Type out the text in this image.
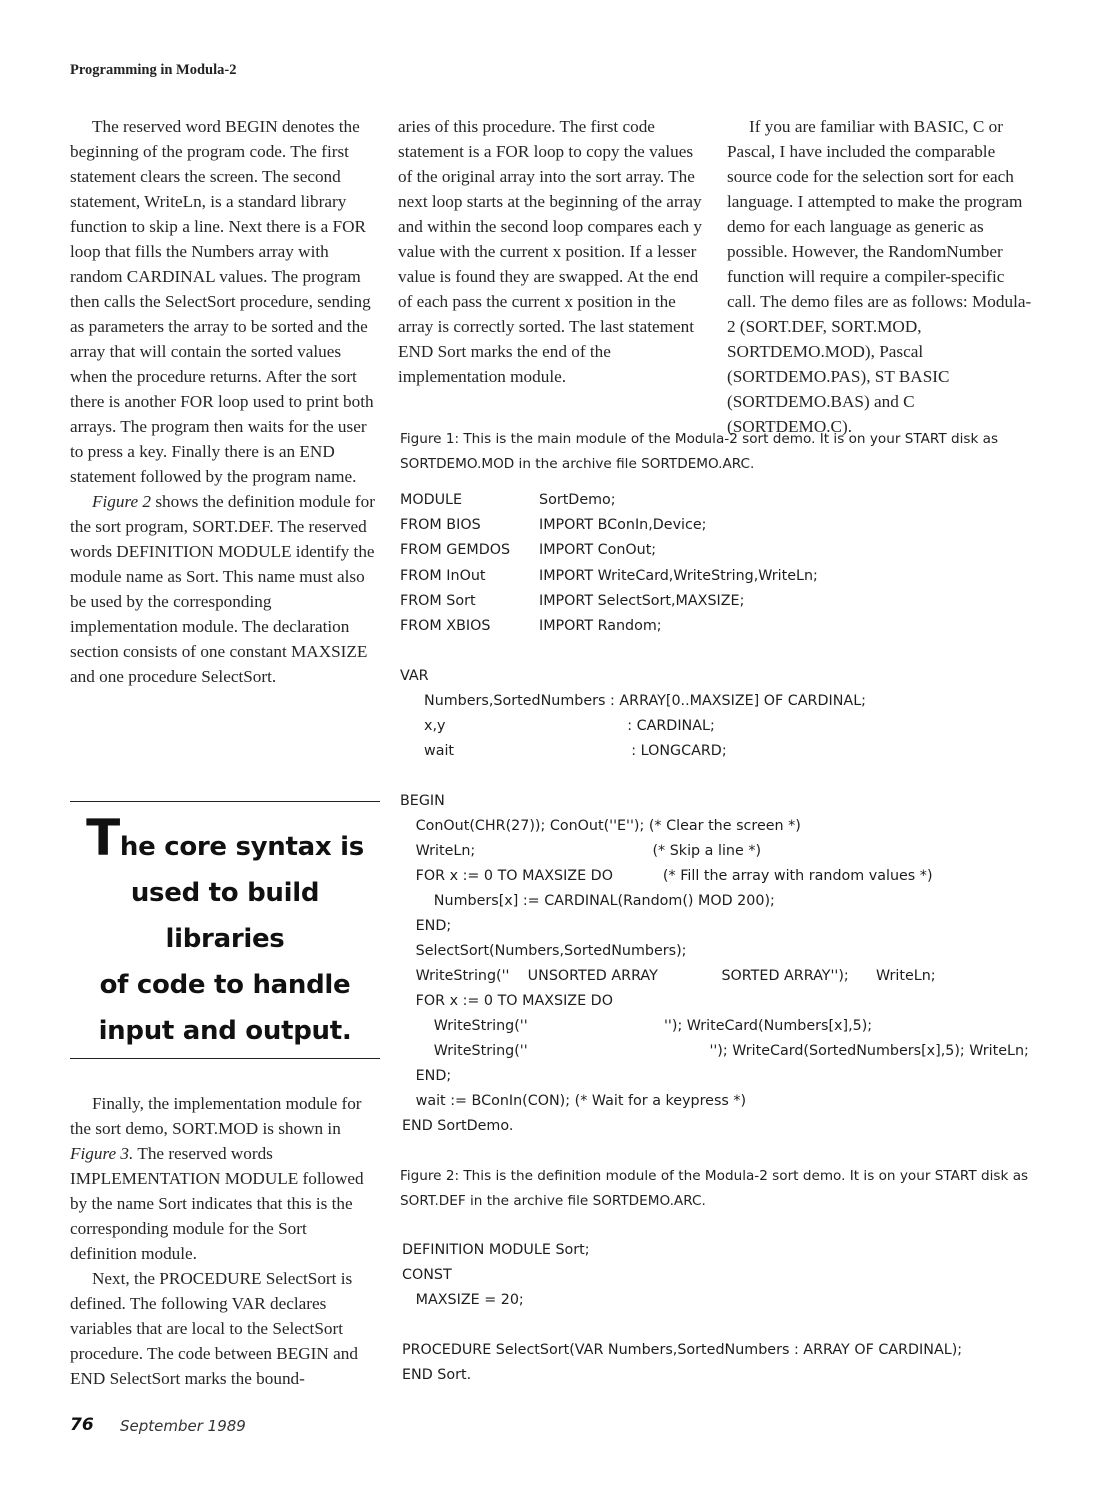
Programming in Modula-2

The reserved word BEGIN denotes the beginning of the program code. The first statement clears the screen. The second statement, WriteLn, is a standard library function to skip a line. Next there is a FOR loop that fills the Numbers array with random CARDINAL values. The program then calls the SelectSort procedure, sending as parameters the array to be sorted and the array that will contain the sorted values when the procedure returns. After the sort there is another FOR loop used to print both arrays. The program then waits for the user to press a key. Finally there is an END statement followed by the program name.

Figure 2 shows the definition module for the sort program, SORT.DEF. The reserved words DEFINITION MODULE identify the module name as Sort. This name must also be used by the corresponding implementation module. The declaration section consists of one constant MAXSIZE and one procedure SelectSort.

The core syntax is
used to build libraries
of code to handle
input and output.

Finally, the implementation module for the sort demo, SORT.MOD is shown in Figure 3. The reserved words IMPLEMENTATION MODULE followed by the name Sort indicates that this is the corresponding module for the Sort definition module.

Next, the PROCEDURE SelectSort is defined. The following VAR declares variables that are local to the SelectSort procedure. The code between BEGIN and END SelectSort marks the bound-

aries of this procedure. The first code statement is a FOR loop to copy the values of the original array into the sort array. The next loop starts at the beginning of the array and within the second loop compares each y value with the current x position. If a lesser value is found they are swapped. At the end of each pass the current x position in the array is correctly sorted. The last statement END Sort marks the end of the implementation module.

If you are familiar with BASIC, C or Pascal, I have included the comparable source code for the selection sort for each language. I attempted to make the program demo for each language as generic as possible. However, the RandomNumber function will require a compiler-specific call. The demo files are as follows: Modula-2 (SORT.DEF, SORT.MOD, SORTDEMO.MOD), Pascal (SORTDEMO.PAS), ST BASIC (SORTDEMO.BAS) and C (SORTDEMO.C).

Figure 1: This is the main module of the Modula-2 sort demo. It is on your START disk as
SORTDEMO.MOD in the archive file SORTDEMO.ARC.
MODULE	SortDemo;
FROM BIOS	IMPORT BConIn,Device;
FROM GEMDOS IMPORT ConOut;
FROM InOut	IMPORT WriteCard,WriteString,WriteLn;
FROM Sort	IMPORT SelectSort,MAXSIZE;
FROM XBIOS	IMPORT Random;
VAR
Numbers,SortedNumbers : ARRAY[0..MAXSIZE] OF CARDINAL;
x,y                                        : CARDINAL;
wait                                       : LONGCARD;
BEGIN
ConOut(CHR(27)); ConOut(''E''); (* Clear the screen *)
WriteLn;                                       (* Skip a line *)
FOR x := 0 TO MAXSIZE DO           (* Fill the array with random values *)
Numbers[x] := CARDINAL(Random() MOD 200);
END;
SelectSort(Numbers,SortedNumbers);
WriteString(''    UNSORTED ARRAY              SORTED ARRAY'');      WriteLn;
FOR x := 0 TO MAXSIZE DO
WriteString(''                              ''); WriteCard(Numbers[x],5);
WriteString(''                                        ''); WriteCard(SortedNumbers[x],5); WriteLn;
END;
wait := BConIn(CON); (* Wait for a keypress *)
END SortDemo.
Figure 2: This is the definition module of the Modula-2 sort demo. It is on your START disk as
SORT.DEF in the archive file SORTDEMO.ARC.
DEFINITION MODULE Sort;
CONST
MAXSIZE = 20;

PROCEDURE SelectSort(VAR Numbers,SortedNumbers : ARRAY OF CARDINAL);
END Sort.
76 September 1989
